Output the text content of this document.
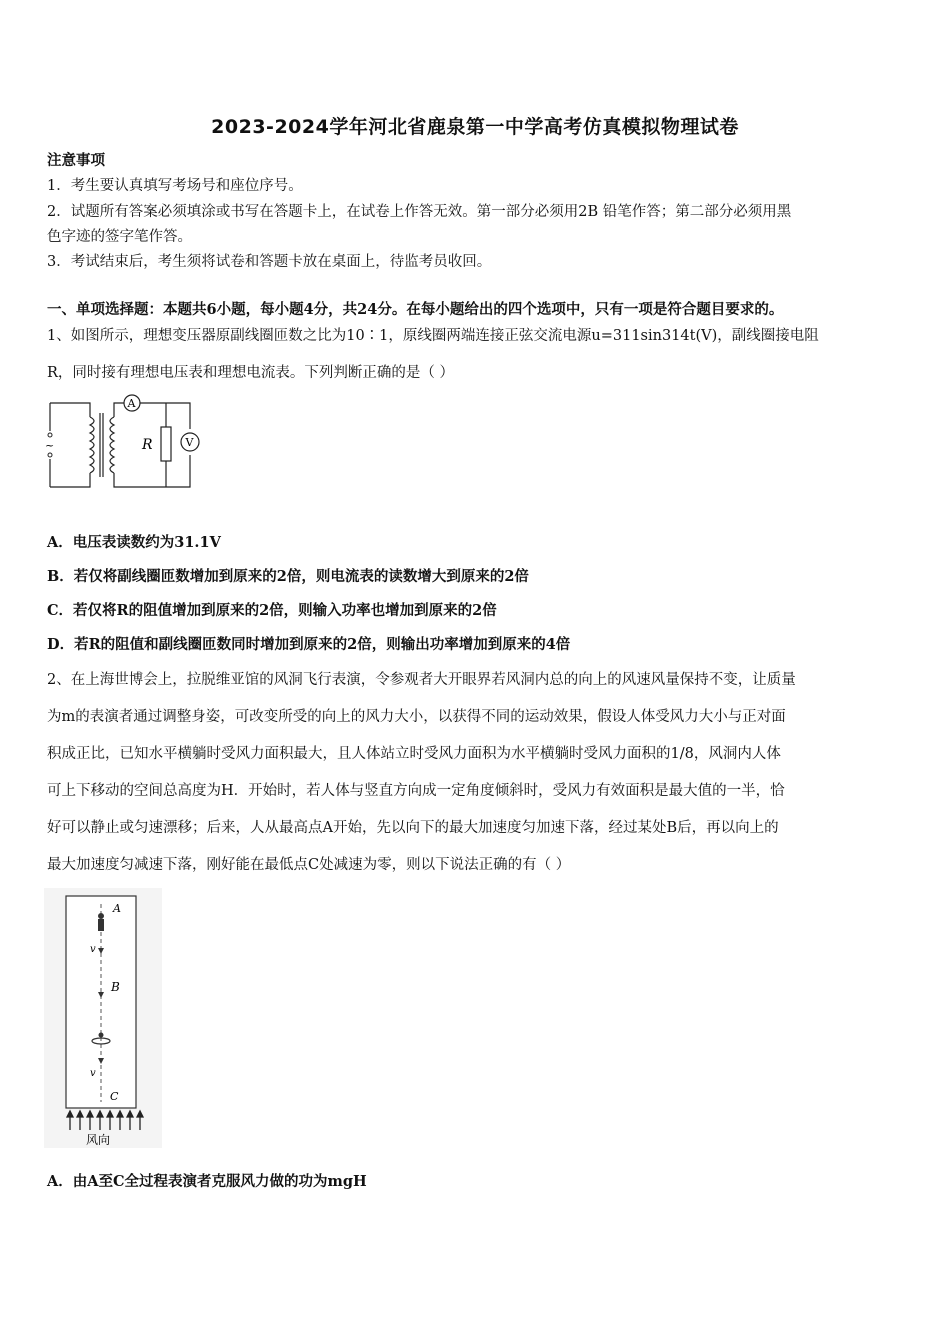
2023-2024学年河北省鹿泉第一中学高考仿真模拟物理试卷
注意事项
1．考生要认真填写考场号和座位序号。
2．试题所有答案必须填涂或书写在答题卡上，在试卷上作答无效。第一部分必须用2B 铅笔作答；第二部分必须用黑
色字迹的签字笔作答。
3．考试结束后，考生须将试卷和答题卡放在桌面上，待监考员收回。
一、单项选择题：本题共6小题，每小题4分，共24分。在每小题给出的四个选项中，只有一项是符合题目要求的。
1、如图所示，理想变压器原副线圈匝数之比为10∶1，原线圈两端连接正弦交流电源u=311sin314t(V)，副线圈接电阻
R，同时接有理想电压表和理想电流表。下列判断正确的是（ ）
~
A
V
R
A．电压表读数约为31.1V
B．若仅将副线圈匝数增加到原来的2倍，则电流表的读数增大到原来的2倍
C．若仅将R的阻值增加到原来的2倍，则输入功率也增加到原来的2倍
D．若R的阻值和副线圈匝数同时增加到原来的2倍，则输出功率增加到原来的4倍
2、在上海世博会上，拉脱维亚馆的风洞飞行表演，令参观者大开眼界若风洞内总的向上的风速风量保持不变，让质量
为m的表演者通过调整身姿，可改变所受的向上的风力大小，以获得不同的运动效果，假设人体受风力大小与正对面
积成正比，已知水平横躺时受风力面积最大，且人体站立时受风力面积为水平横躺时受风力面积的1/8，风洞内人体
可上下移动的空间总高度为H．开始时，若人体与竖直方向成一定角度倾斜时，受风力有效面积是最大值的一半，恰
好可以静止或匀速漂移；后来，人从最高点A开始，先以向下的最大加速度匀加速下落，经过某处B后，再以向上的
最大加速度匀减速下落，刚好能在最低点C处减速为零，则以下说法正确的有（ ）
A
B
C
v
v
风向
A．由A至C全过程表演者克服风力做的功为mgH
